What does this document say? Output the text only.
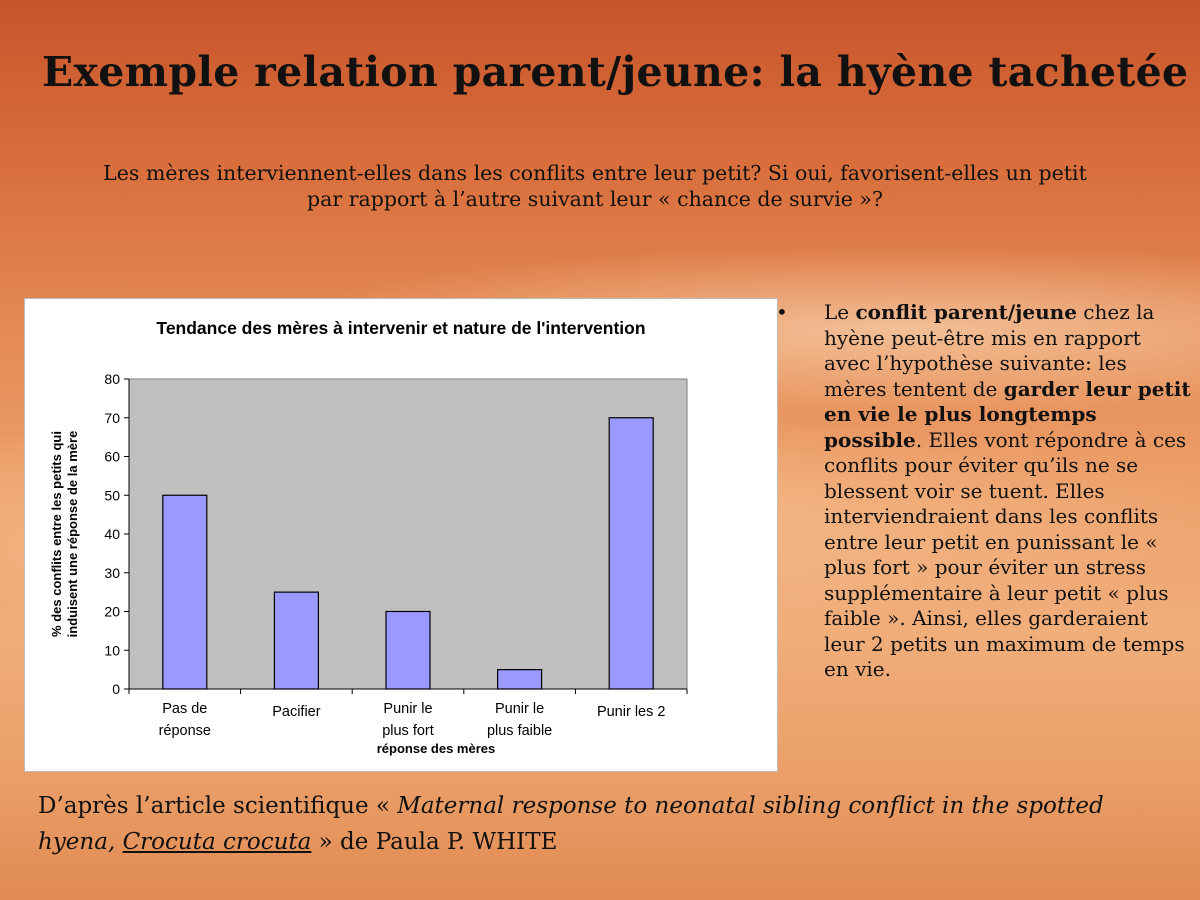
Exemple relation parent/jeune: la hyène tachetée
Les mères interviennent-elles dans les conflits entre leur petit? Si oui, favorisent-elles un petit
par rapport à l’autre suivant leur « chance de survie »?
Tendance des mères à intervenir et nature de l'intervention
0
10
20
30
40
50
60
70
80
Pas de
réponse
Pacifier	Punir le
plus fort
Punir le
plus faible
Punir les 2
% des conflits entre les petits qui induisent une réponse de la mère
réponse des mères
• Le conflit parent/jeune chez la hyène peut-être mis en rapport avec l’hypothèse suivante: les mères tentent de garder leur petit en vie le plus longtemps possible. Elles vont répondre à ces conflits pour éviter qu’ils ne se blessent voir se tuent. Elles interviendraient dans les conflits entre leur petit en punissant le « plus fort » pour éviter un stress supplémentaire à leur petit « plus faible ». Ainsi, elles garderaient leur 2 petits un maximum de temps en vie.
D’après l’article scientifique « Maternal response to neonatal sibling conflict in the spotted hyena, Crocuta crocuta » de Paula P. WHITE
